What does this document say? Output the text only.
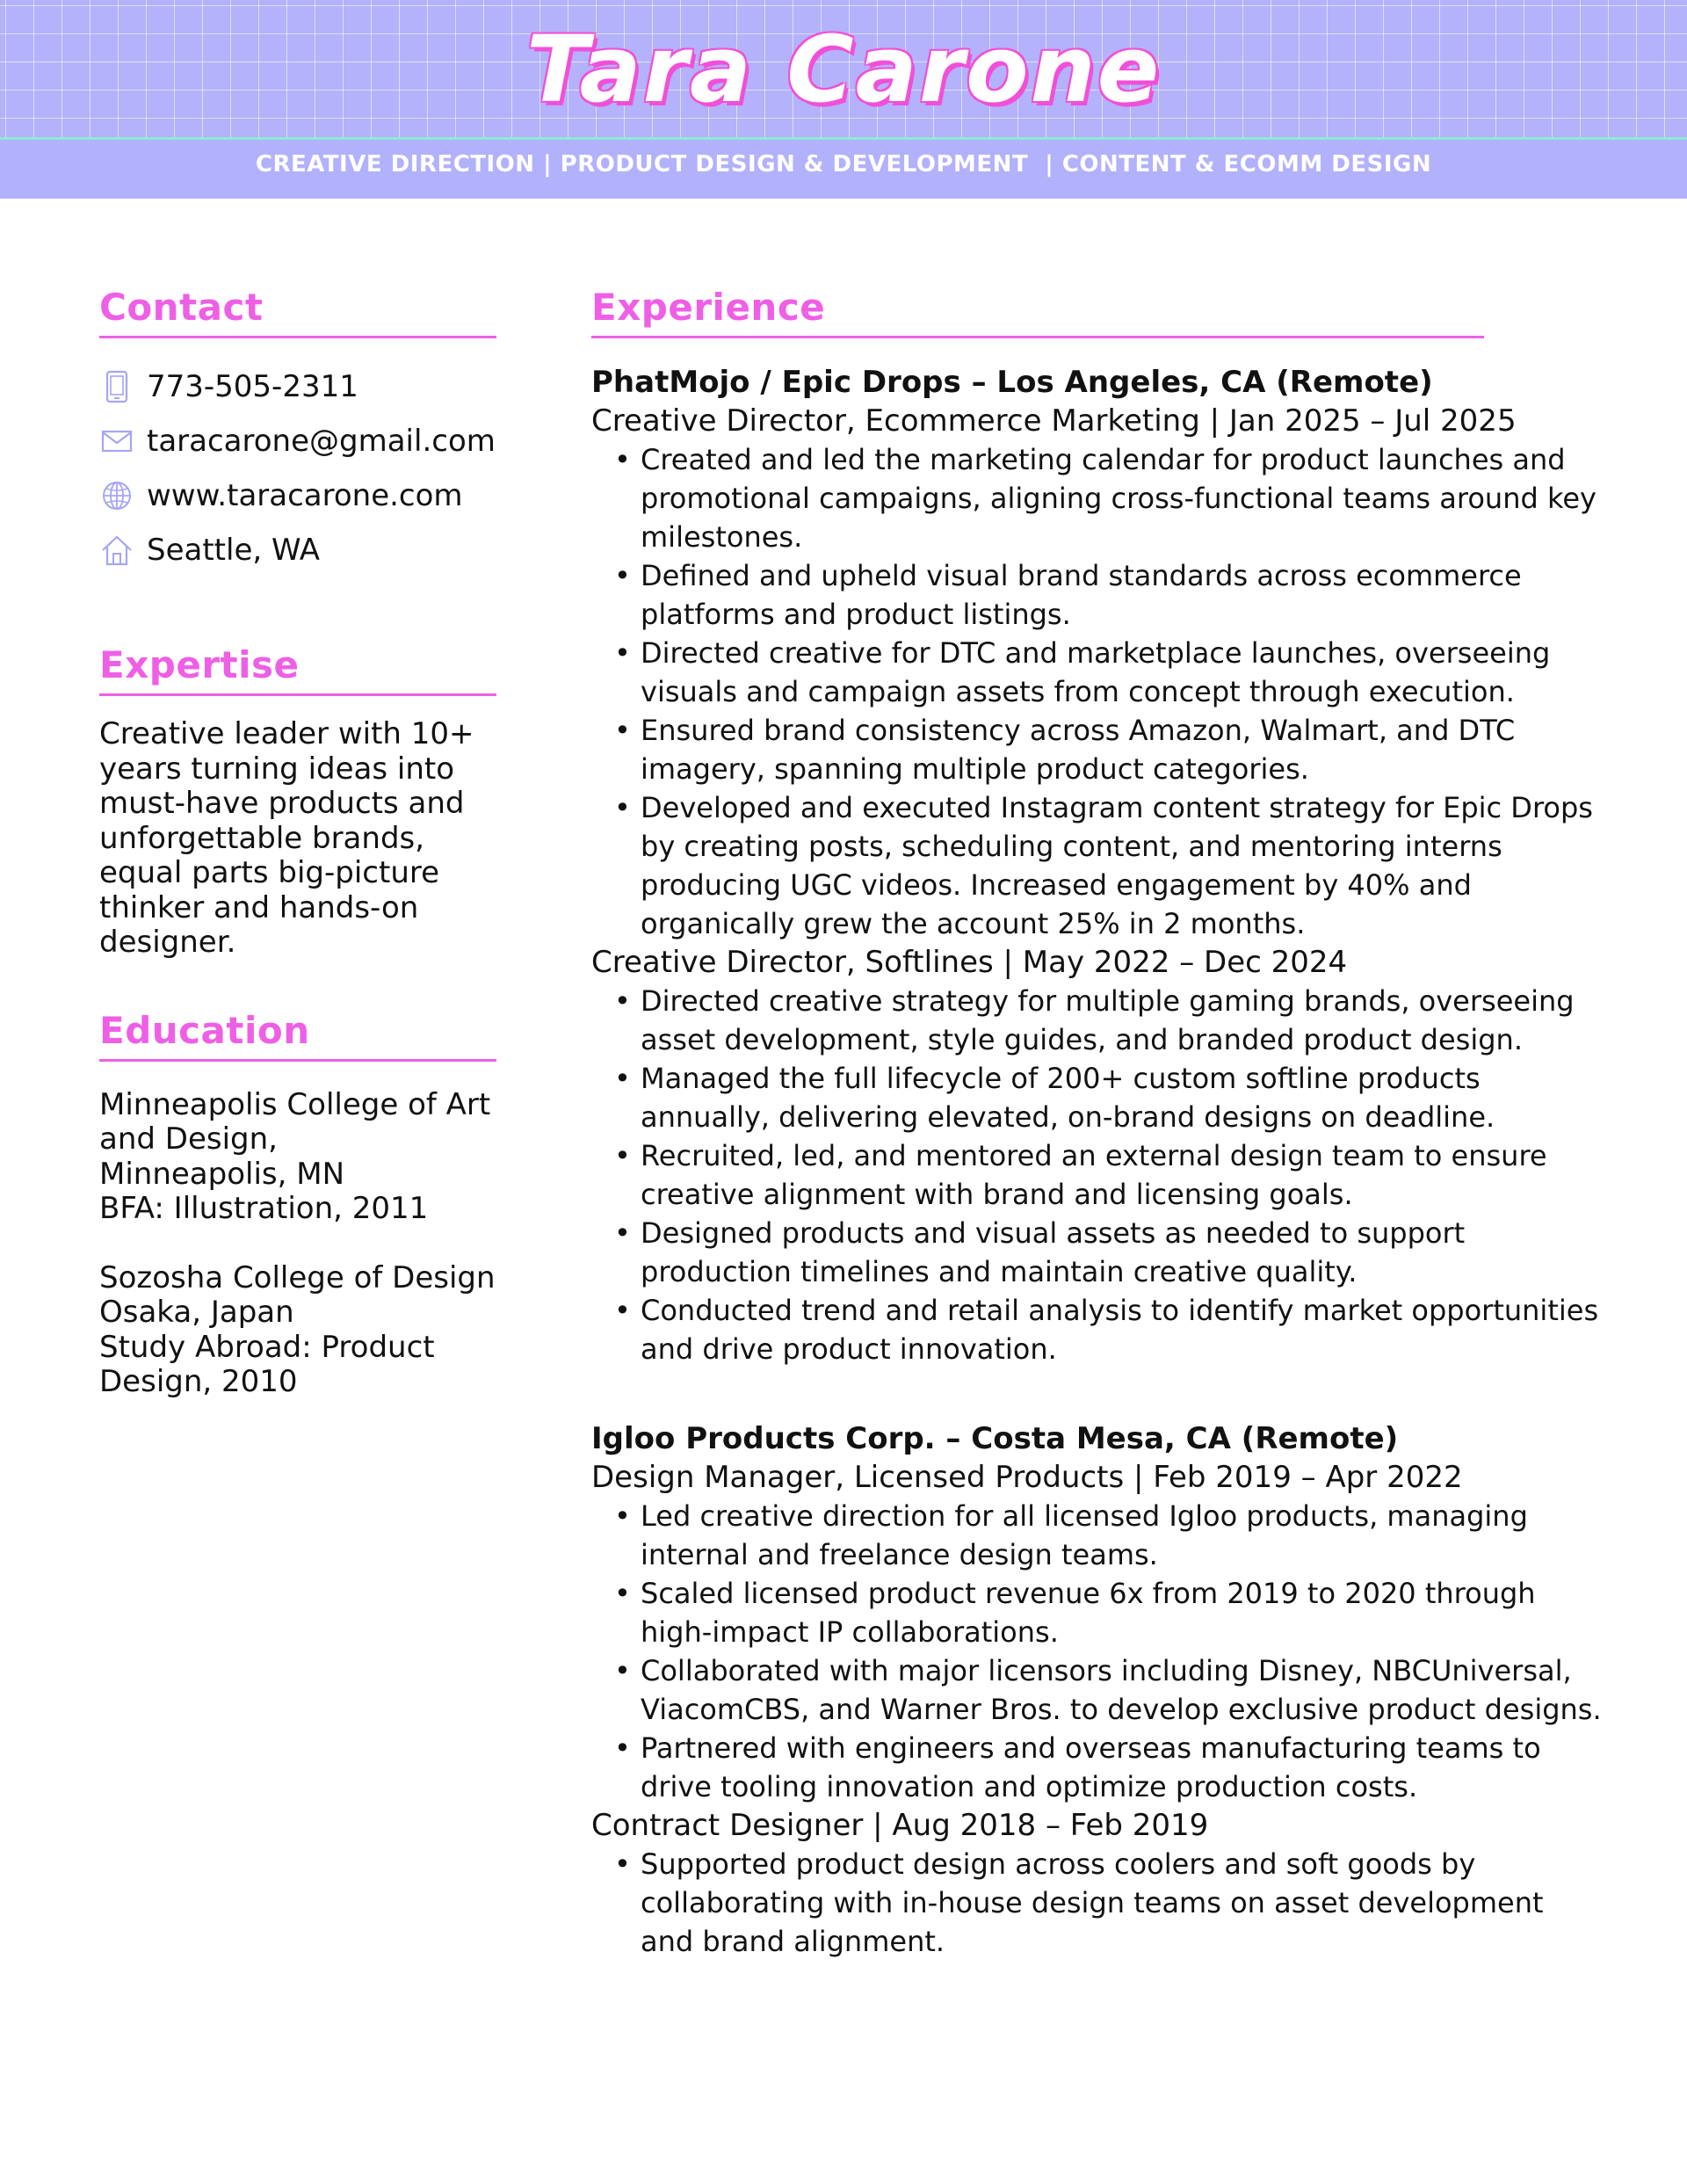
Tara Carone
CREATIVE DIRECTION | PRODUCT DESIGN & DEVELOPMENT  | CONTENT & ECOMM DESIGN
Contact
773-505-2311
taracarone@gmail.com
www.taracarone.com
Seattle, WA
Expertise
Creative leader with 10+ years turning ideas into must-have products and unforgettable brands, equal parts big-picture thinker and hands-on designer.
Education
Minneapolis College of Art and Design,
Minneapolis, MN
BFA: Illustration, 2011
Sozosha College of Design
Osaka, Japan
Study Abroad: Product Design, 2010
Experience
PhatMojo / Epic Drops – Los Angeles, CA (Remote)
Creative Director, Ecommerce Marketing | Jan 2025 – Jul 2025
• Created and led the marketing calendar for product launches and promotional campaigns, aligning cross-functional teams around key milestones.
• Defined and upheld visual brand standards across ecommerce platforms and product listings.
• Directed creative for DTC and marketplace launches, overseeing visuals and campaign assets from concept through execution.
• Ensured brand consistency across Amazon, Walmart, and DTC imagery, spanning multiple product categories.
• Developed and executed Instagram content strategy for Epic Drops by creating posts, scheduling content, and mentoring interns producing UGC videos. Increased engagement by 40% and organically grew the account 25% in 2 months.
Creative Director, Softlines | May 2022 – Dec 2024
• Directed creative strategy for multiple gaming brands, overseeing asset development, style guides, and branded product design.
• Managed the full lifecycle of 200+ custom softline products annually, delivering elevated, on-brand designs on deadline.
• Recruited, led, and mentored an external design team to ensure creative alignment with brand and licensing goals.
• Designed products and visual assets as needed to support production timelines and maintain creative quality.
• Conducted trend and retail analysis to identify market opportunities and drive product innovation.
Igloo Products Corp. – Costa Mesa, CA (Remote)
Design Manager, Licensed Products | Feb 2019 – Apr 2022
• Led creative direction for all licensed Igloo products, managing internal and freelance design teams.
• Scaled licensed product revenue 6x from 2019 to 2020 through high-impact IP collaborations.
• Collaborated with major licensors including Disney, NBCUniversal, ViacomCBS, and Warner Bros. to develop exclusive product designs.
• Partnered with engineers and overseas manufacturing teams to drive tooling innovation and optimize production costs.
Contract Designer | Aug 2018 – Feb 2019
• Supported product design across coolers and soft goods by collaborating with in-house design teams on asset development and brand alignment.
